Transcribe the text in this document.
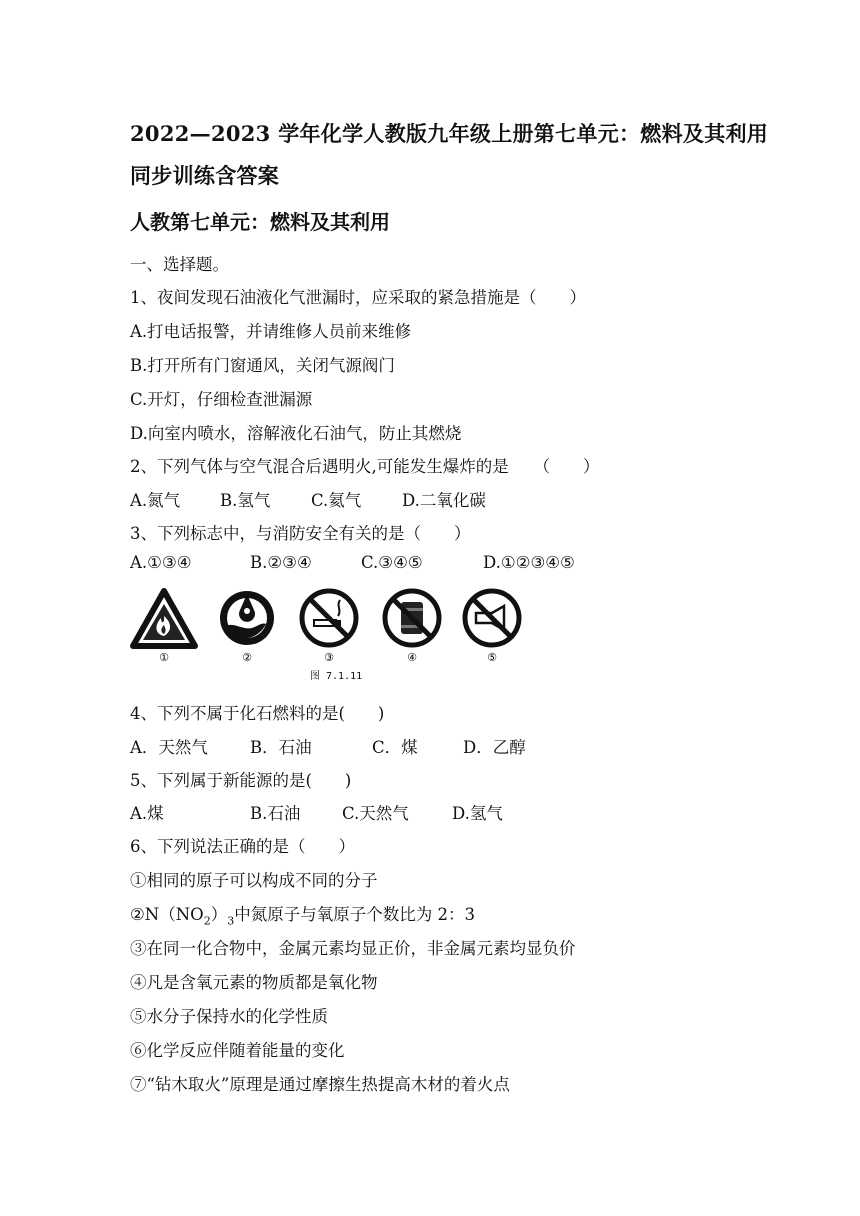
2022—2023 学年化学人教版九年级上册第七单元：燃料及其利用
同步训练含答案
人教第七单元：燃料及其利用
一、选择题。
1、夜间发现石油液化气泄漏时，应采取的紧急措施是（　　）
A.打电话报警，并请维修人员前来维修
B.打开所有门窗通风，关闭气源阀门
C.开灯，仔细检查泄漏源
D.向室内喷水，溶解液化石油气，防止其燃烧
2、下列气体与空气混合后遇明火,可能发生爆炸的是　　（　　）
A.氮气 B.氢气 C.氦气 D.二氧化碳
3、下列标志中，与消防安全有关的是（　　）
A.①③④	B.②③④	C.③④⑤	D.①②③④⑤
①	②	③	④	⑤
图 7.1.11
4、下列不属于化石燃料的是(　　)
A．天然气	B．石油	C．煤	D．乙醇
5、下列属于新能源的是(　　)
A.煤	B.石油	C.天然气	D.氢气
6、下列说法正确的是（　　）
①相同的原子可以构成不同的分子
$②N(NO_2)_3$中氮原子与氧原子个数比为 2：3
③在同一化合物中，金属元素均显正价，非金属元素均显负价
④凡是含氧元素的物质都是氧化物
⑤水分子保持水的化学性质
⑥化学反应伴随着能量的变化
⑦“钻木取火”原理是通过摩擦生热提高木材的着火点
